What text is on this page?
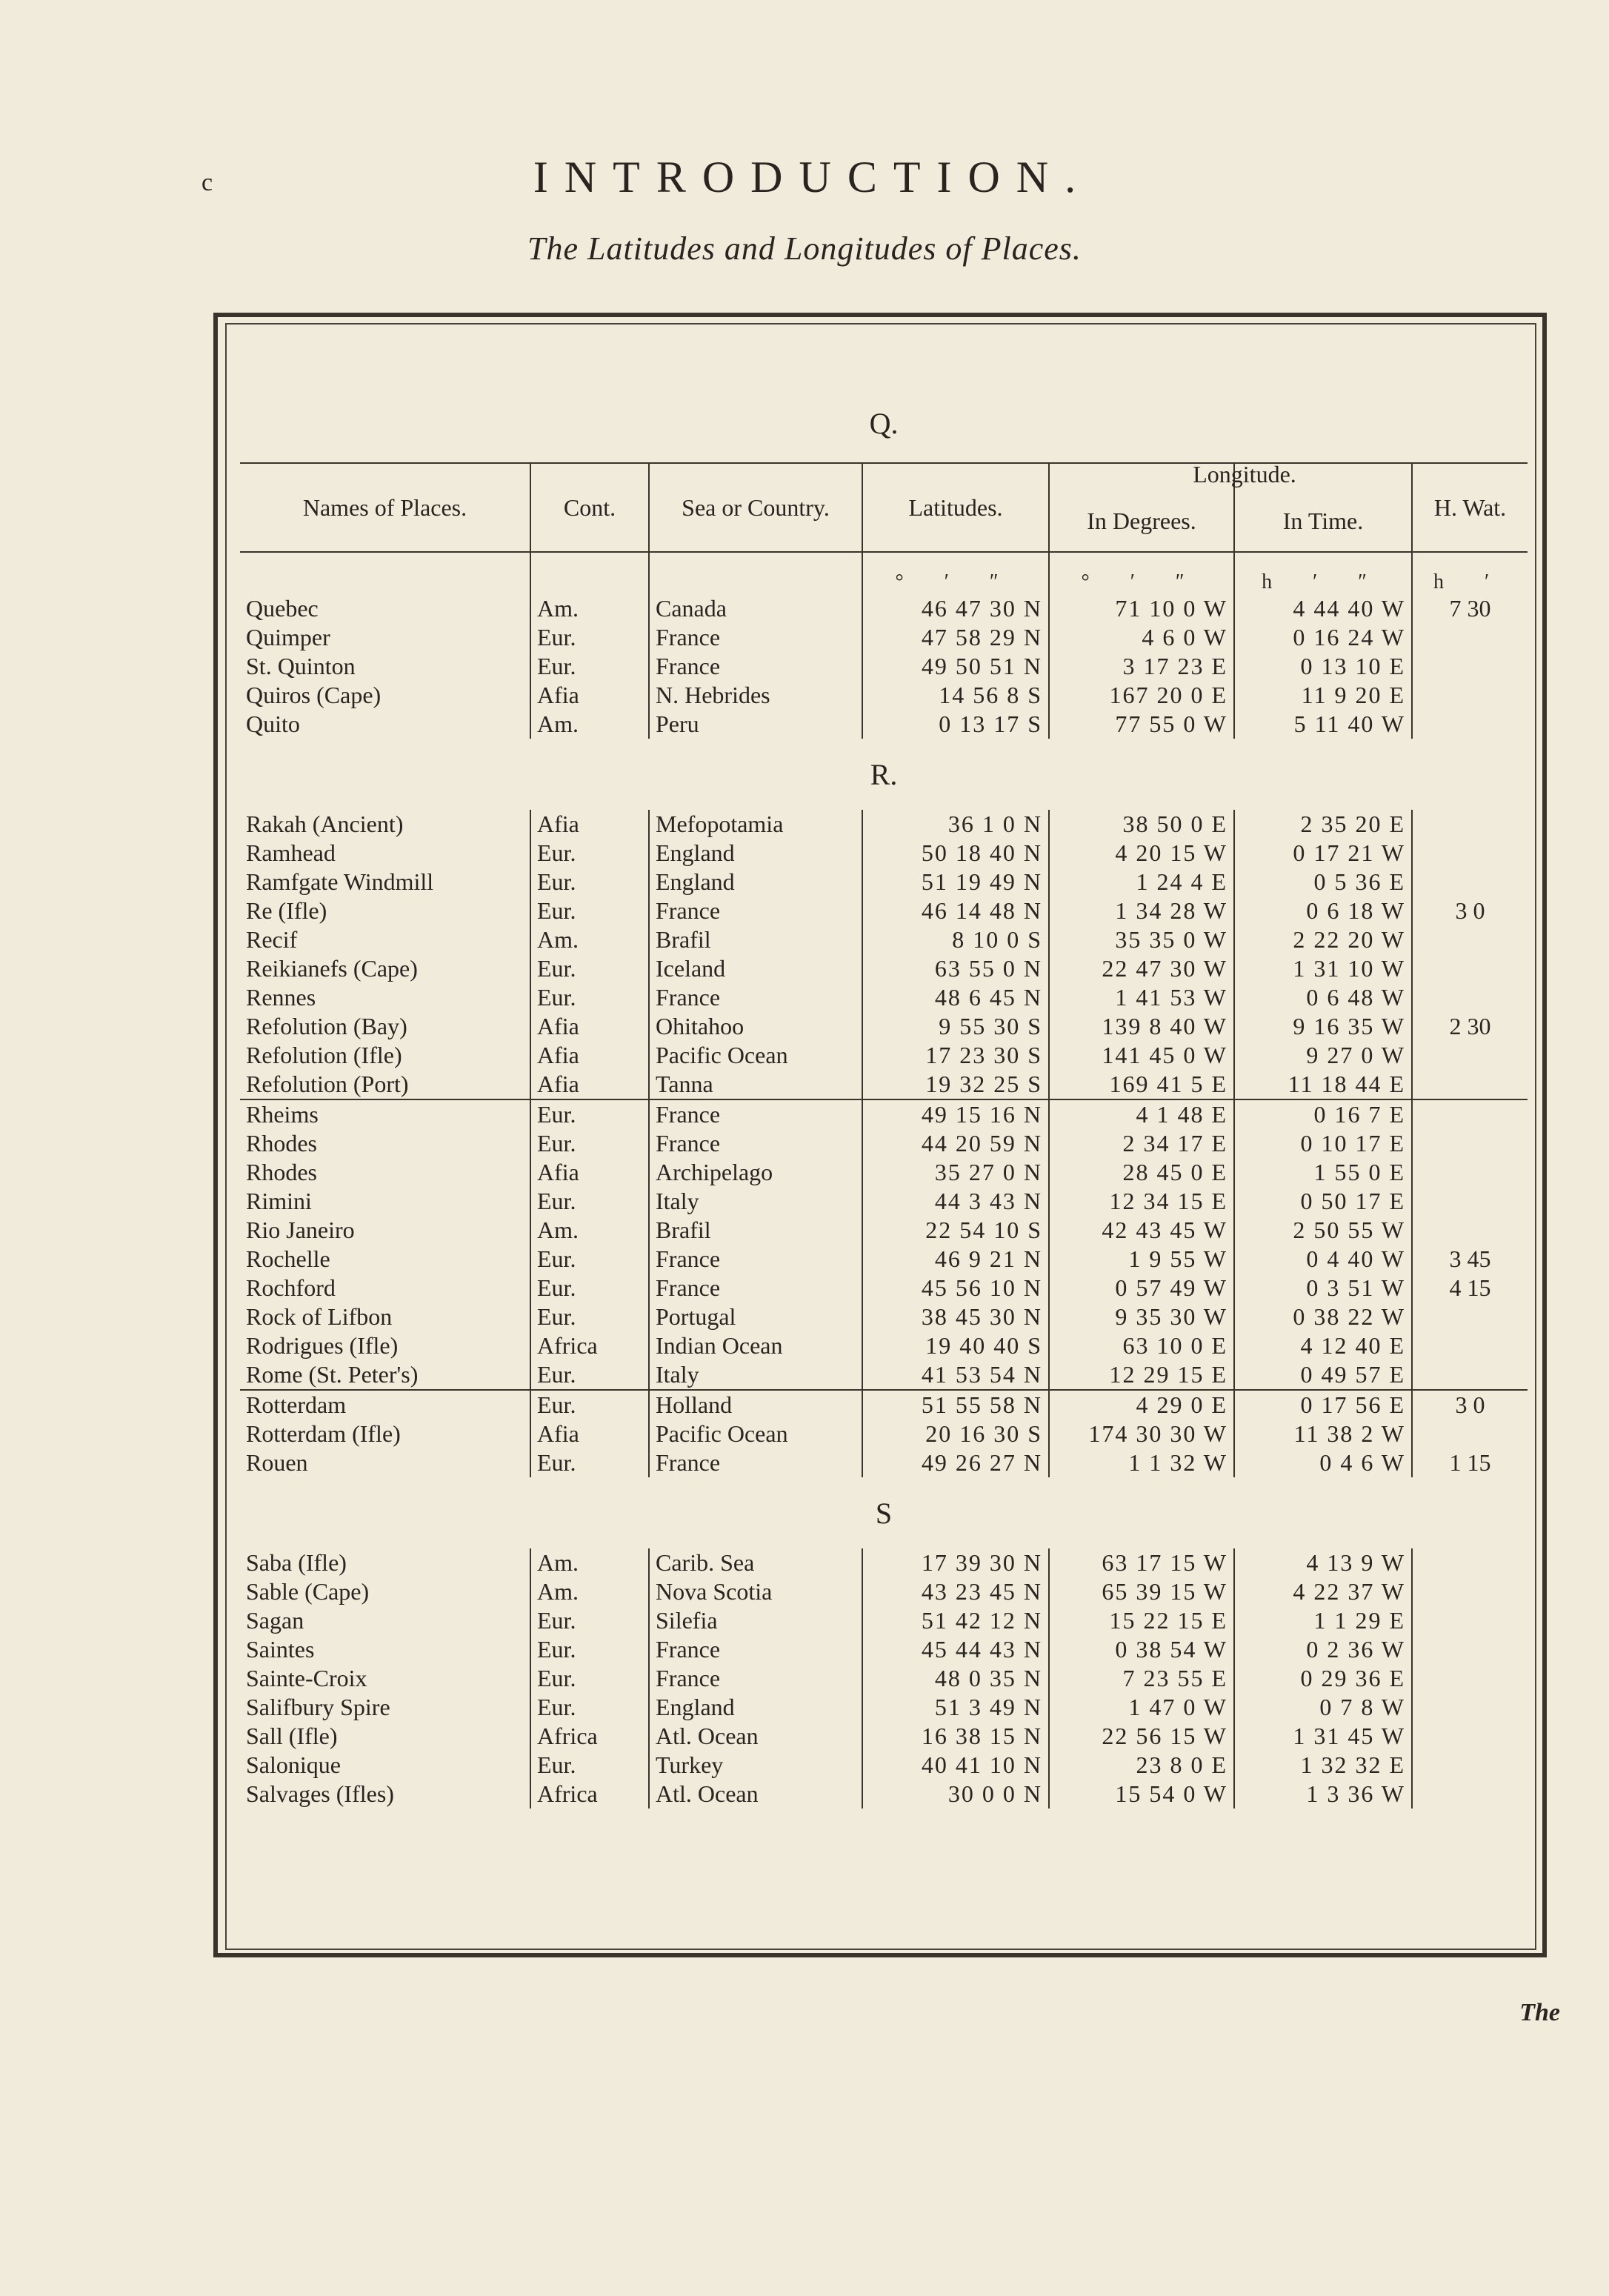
c	INTRODUCTION.
The Latitudes and Longitudes of Places.
Q.						
Names of Places.	Cont.	Sea or Country.	Latitudes.	In Degrees.	In Time.	H. Wat.
			° ′ ″	° ′ ″	h ′ ″	h ′
Quebec	Am.	Canada	46 47 30 N	71 10 0 W	4 44 40 W	7 30
Quimper	Eur.	France	47 58 29 N	4 6 0 W	0 16 24 W	
St. Quinton	Eur.	France	49 50 51 N	3 17 23 E	0 13 10 E	
Quiros (Cape)	Afia	N. Hebrides	14 56 8 S	167 20 0 E	11 9 20 E	
Quito	Am.	Peru	0 13 17 S	77 55 0 W	5 11 40 W	
R.						
Rakah (Ancient)	Afia	Mefopotamia	36 1 0 N	38 50 0 E	2 35 20 E	
Ramhead	Eur.	England	50 18 40 N	4 20 15 W	0 17 21 W	
Ramfgate Windmill	Eur.	England	51 19 49 N	1 24 4 E	0 5 36 E	
Re (Ifle)	Eur.	France	46 14 48 N	1 34 28 W	0 6 18 W	3 0
Recif	Am.	Brafil	8 10 0 S	35 35 0 W	2 22 20 W	
Reikianefs (Cape)	Eur.	Iceland	63 55 0 N	22 47 30 W	1 31 10 W	
Rennes	Eur.	France	48 6 45 N	1 41 53 W	0 6 48 W	
Refolution (Bay)	Afia	Ohitahoo	9 55 30 S	139 8 40 W	9 16 35 W	2 30
Refolution (Ifle)	Afia	Pacific Ocean	17 23 30 S	141 45 0 W	9 27 0 W	
Refolution (Port)	Afia	Tanna	19 32 25 S	169 41 5 E	11 18 44 E	
Rheims	Eur.	France	49 15 16 N	4 1 48 E	0 16 7 E	
Rhodes	Eur.	France	44 20 59 N	2 34 17 E	0 10 17 E	
Rhodes	Afia	Archipelago	35 27 0 N	28 45 0 E	1 55 0 E	
Rimini	Eur.	Italy	44 3 43 N	12 34 15 E	0 50 17 E	
Rio Janeiro	Am.	Brafil	22 54 10 S	42 43 45 W	2 50 55 W	
Rochelle	Eur.	France	46 9 21 N	1 9 55 W	0 4 40 W	3 45
Rochford	Eur.	France	45 56 10 N	0 57 49 W	0 3 51 W	4 15
Rock of Lifbon	Eur.	Portugal	38 45 30 N	9 35 30 W	0 38 22 W	
Rodrigues (Ifle)	Africa	Indian Ocean	19 40 40 S	63 10 0 E	4 12 40 E	
Rome (St. Peter's)	Eur.	Italy	41 53 54 N	12 29 15 E	0 49 57 E	
Rotterdam	Eur.	Holland	51 55 58 N	4 29 0 E	0 17 56 E	3 0
Rotterdam (Ifle)	Afia	Pacific Ocean	20 16 30 S	174 30 30 W	11 38 2 W	
Rouen	Eur.	France	49 26 27 N	1 1 32 W	0 4 6 W	1 15
S						
Saba (Ifle)	Am.	Carib. Sea	17 39 30 N	63 17 15 W	4 13 9 W	
Sable (Cape)	Am.	Nova Scotia	43 23 45 N	65 39 15 W	4 22 37 W	
Sagan	Eur.	Silefia	51 42 12 N	15 22 15 E	1 1 29 E	
Saintes	Eur.	France	45 44 43 N	0 38 54 W	0 2 36 W	
Sainte-Croix	Eur.	France	48 0 35 N	7 23 55 E	0 29 36 E	
Salifbury Spire	Eur.	England	51 3 49 N	1 47 0 W	0 7 8 W	
Sall (Ifle)	Africa	Atl. Ocean	16 38 15 N	22 56 15 W	1 31 45 W	
Salonique	Eur.	Turkey	40 41 10 N	23 8 0 E	1 32 32 E	
Salvages (Ifles)	Africa	Atl. Ocean	30 0 0 N	15 54 0 W	1 3 36 W	
Longitude.
The
